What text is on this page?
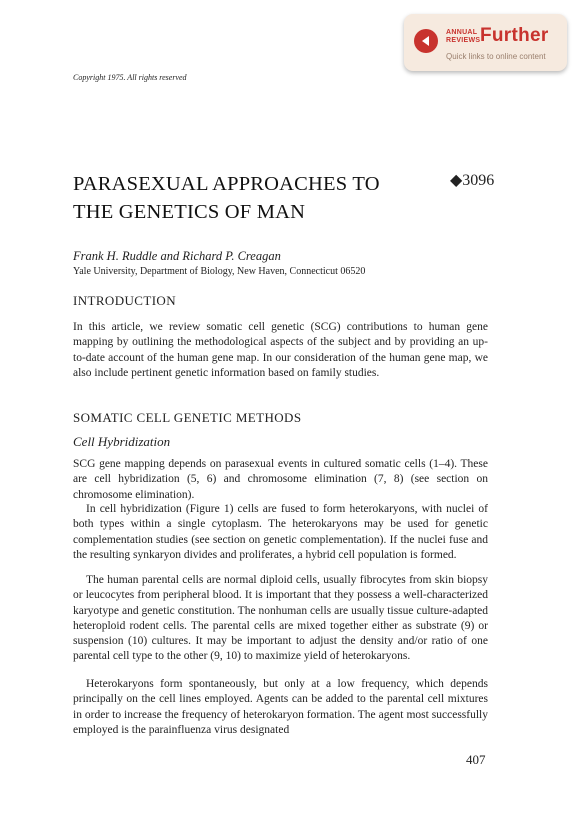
ANNUAL
REVIEWS Further
Quick links to online content
Copyright 1975. All rights reserved
PARASEXUAL APPROACHES TO THE GENETICS OF MAN
◆3096
Frank H. Ruddle and Richard P. Creagan
Yale University, Department of Biology, New Haven, Connecticut 06520
INTRODUCTION

In this article, we review somatic cell genetic (SCG) contributions to human gene mapping by outlining the methodological aspects of the subject and by providing an up-to-date account of the human gene map. In our consideration of the human gene map, we also include pertinent genetic information based on family studies.

SOMATIC CELL GENETIC METHODS
Cell Hybridization

SCG gene mapping depends on parasexual events in cultured somatic cells (1–4). These are cell hybridization (5, 6) and chromosome elimination (7, 8) (see section on chromosome elimination).

In cell hybridization (Figure 1) cells are fused to form heterokaryons, with nuclei of both types within a single cytoplasm. The heterokaryons may be used for genetic complementation studies (see section on genetic complementation). If the nuclei fuse and the resulting synkaryon divides and proliferates, a hybrid cell population is formed.

The human parental cells are normal diploid cells, usually fibrocytes from skin biopsy or leucocytes from peripheral blood. It is important that they possess a well-characterized karyotype and genetic constitution. The nonhuman cells are usually tissue culture-adapted heteroploid rodent cells. The parental cells are mixed together either as substrate (9) or suspension (10) cultures. It may be important to adjust the density and/or ratio of one parental cell type to the other (9, 10) to maximize yield of heterokaryons.

Heterokaryons form spontaneously, but only at a low frequency, which depends principally on the cell lines employed. Agents can be added to the parental cell mixtures in order to increase the frequency of heterokaryon formation. The agent most successfully employed is the parainfluenza virus designated

407
